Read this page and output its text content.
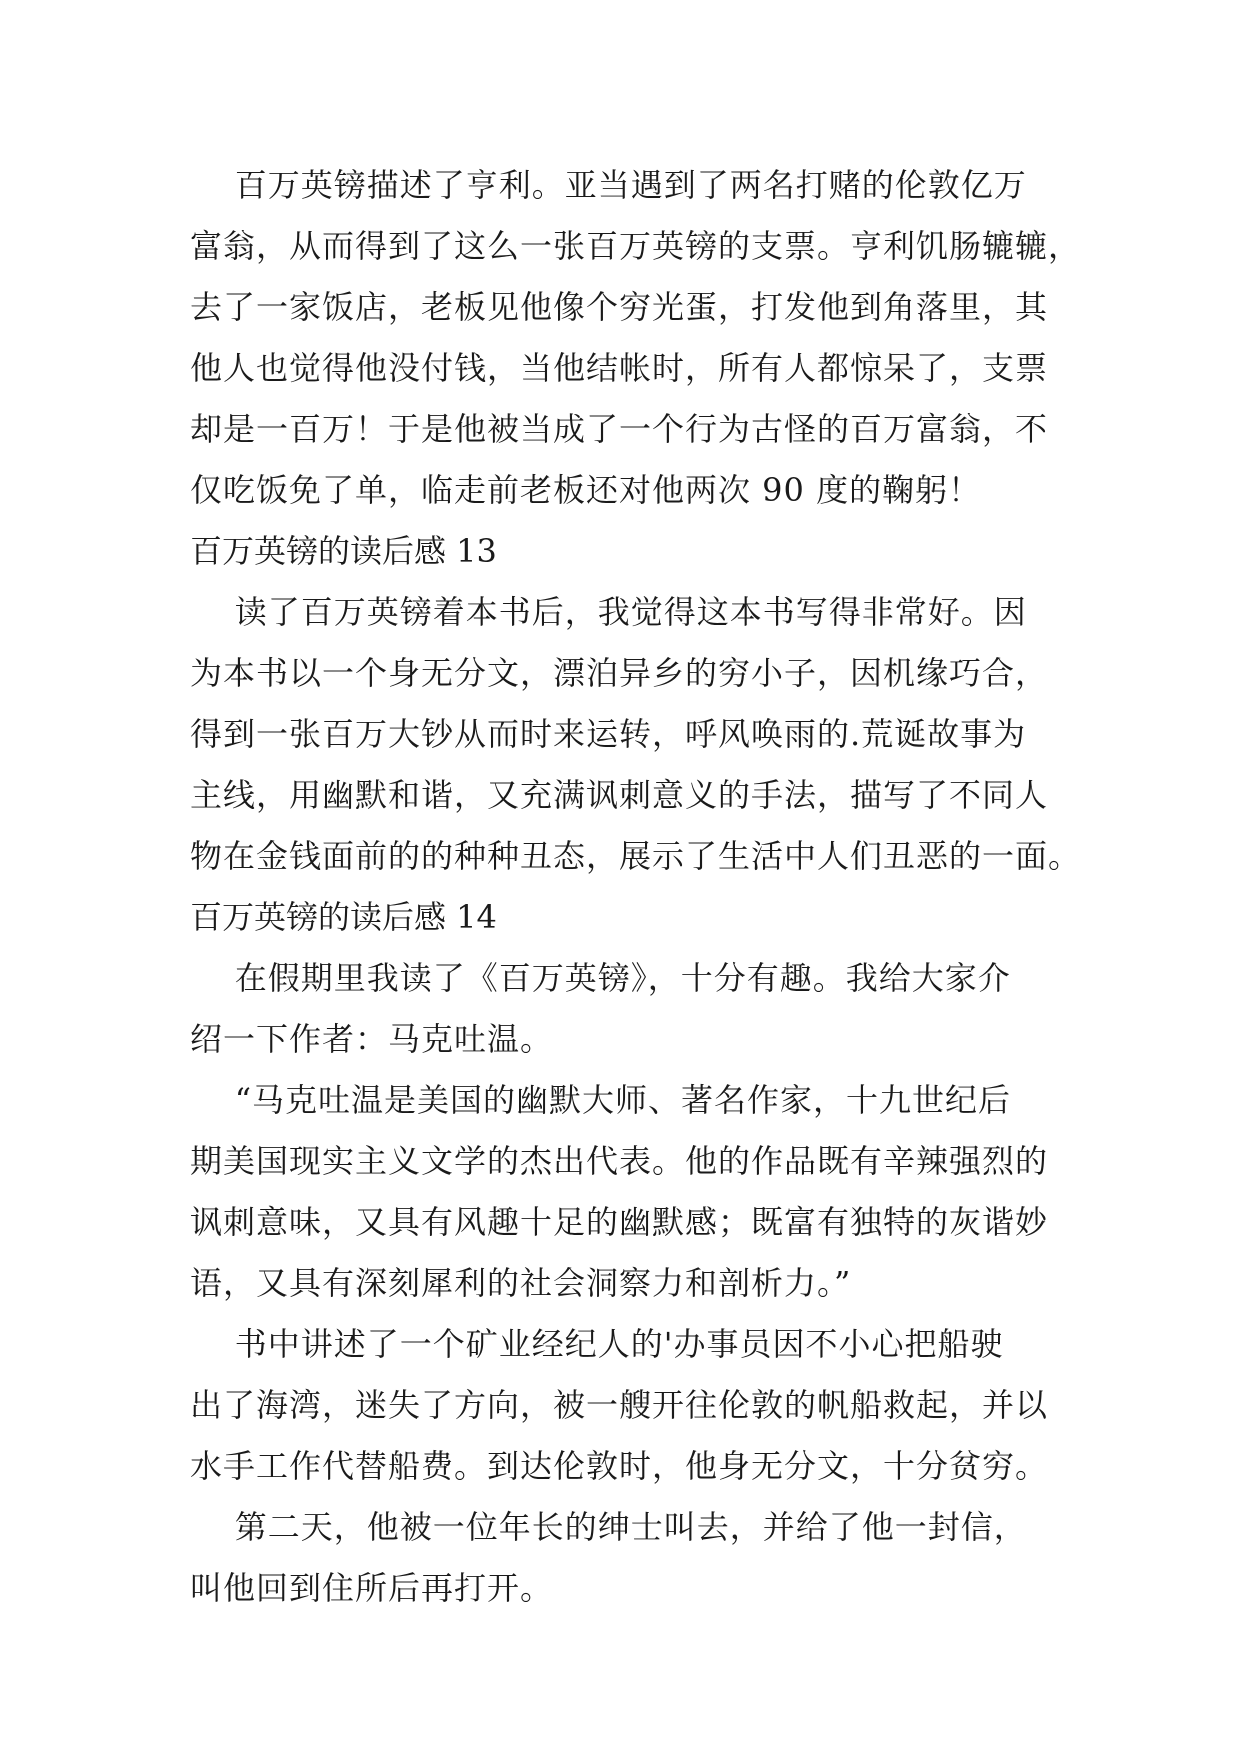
百万英镑描述了亨利。亚当遇到了两名打赌的伦敦亿万
富翁，从而得到了这么一张百万英镑的支票。亨利饥肠辘辘，
去了一家饭店，老板见他像个穷光蛋，打发他到角落里，其
他人也觉得他没付钱，当他结帐时，所有人都惊呆了，支票
却是一百万！于是他被当成了一个行为古怪的百万富翁，不
仅吃饭免了单，临走前老板还对他两次 90 度的鞠躬！
百万英镑的读后感 13
读了百万英镑着本书后，我觉得这本书写得非常好。因
为本书以一个身无分文，漂泊异乡的穷小子，因机缘巧合，
得到一张百万大钞从而时来运转，呼风唤雨的.荒诞故事为
主线，用幽默和谐，又充满讽刺意义的手法，描写了不同人
物在金钱面前的的种种丑态，展示了生活中人们丑恶的一面。
百万英镑的读后感 14
在假期里我读了《百万英镑》，十分有趣。我给大家介
绍一下作者：马克吐温。
“马克吐温是美国的幽默大师、著名作家，十九世纪后
期美国现实主义文学的杰出代表。他的作品既有辛辣强烈的
讽刺意味，又具有风趣十足的幽默感；既富有独特的灰谐妙
语，又具有深刻犀利的社会洞察力和剖析力。”
书中讲述了一个矿业经纪人的'办事员因不小心把船驶
出了海湾，迷失了方向，被一艘开往伦敦的帆船救起，并以
水手工作代替船费。到达伦敦时，他身无分文，十分贫穷。
第二天，他被一位年长的绅士叫去，并给了他一封信，
叫他回到住所后再打开。
